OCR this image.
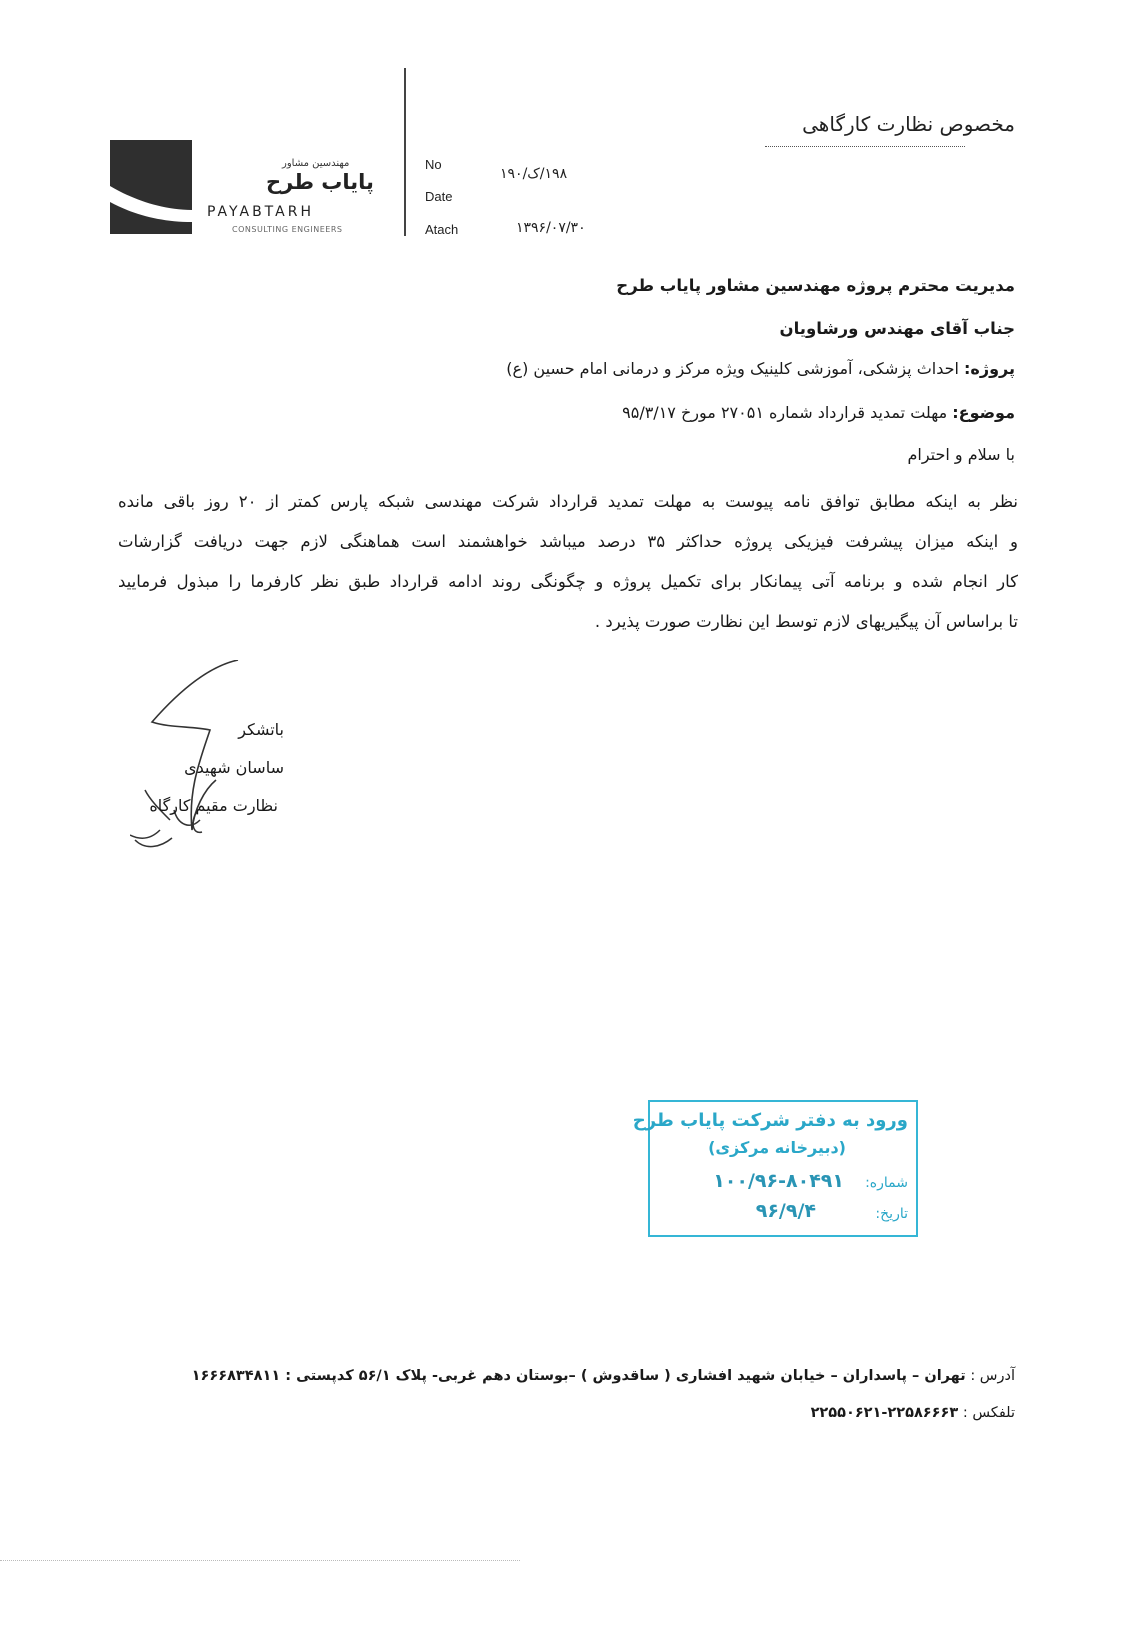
مخصوص نظارت کارگاهی
مهندسین مشاور
پایاب طرح
PAYABTARH
CONSULTING ENGINEERS
No
Date
Atach
۱۹۸/ک/۱۹۰
۱۳۹۶/۰۷/۳۰
مدیریت محترم پروژه مهندسین مشاور پایاب طرح
جناب آقای مهندس ورشاویان
پروژه: احداث پزشکی، آموزشی کلینیک ویژه مرکز و درمانی امام حسین (ع)
موضوع: مهلت تمدید قرارداد شماره ۲۷۰۵۱ مورخ ۹۵/۳/۱۷
با سلام و احترام
نظر به اینکه مطابق توافق نامه پیوست به مهلت تمدید قرارداد شرکت مهندسی شبکه پارس کمتر از ۲۰ روز باقی مانده
و اینکه میزان پیشرفت فیزیکی پروژه حداکثر ۳۵ درصد میباشد خواهشمند است هماهنگی لازم جهت دریافت گزارشات
کار انجام شده و برنامه آتی پیمانکار برای تکمیل پروژه و چگونگی روند ادامه قرارداد طبق نظر کارفرما را مبذول فرمایید
تا براساس آن پیگیریهای لازم توسط این نظارت صورت پذیرد .
باتشکر
ساسان شهیدی
نظارت مقیم کارگاه
ورود به دفتر شرکت پایاب طرح
(دبیرخانه مرکزی)
شماره:
۱۰۰/۹۶-۸۰۴۹۱
تاریخ:
۹۶/۹/۴
آدرس : تهران – پاسداران – خیابان شهید افشاری ( ساقدوش ) –بوستان دهم غربی- پلاک ۵۶/۱ کدپستی : ۱۶۶۶۸۳۴۸۱۱
تلفکس : ۲۲۵۸۶۶۶۳-۲۲۵۵۰۶۲۱
